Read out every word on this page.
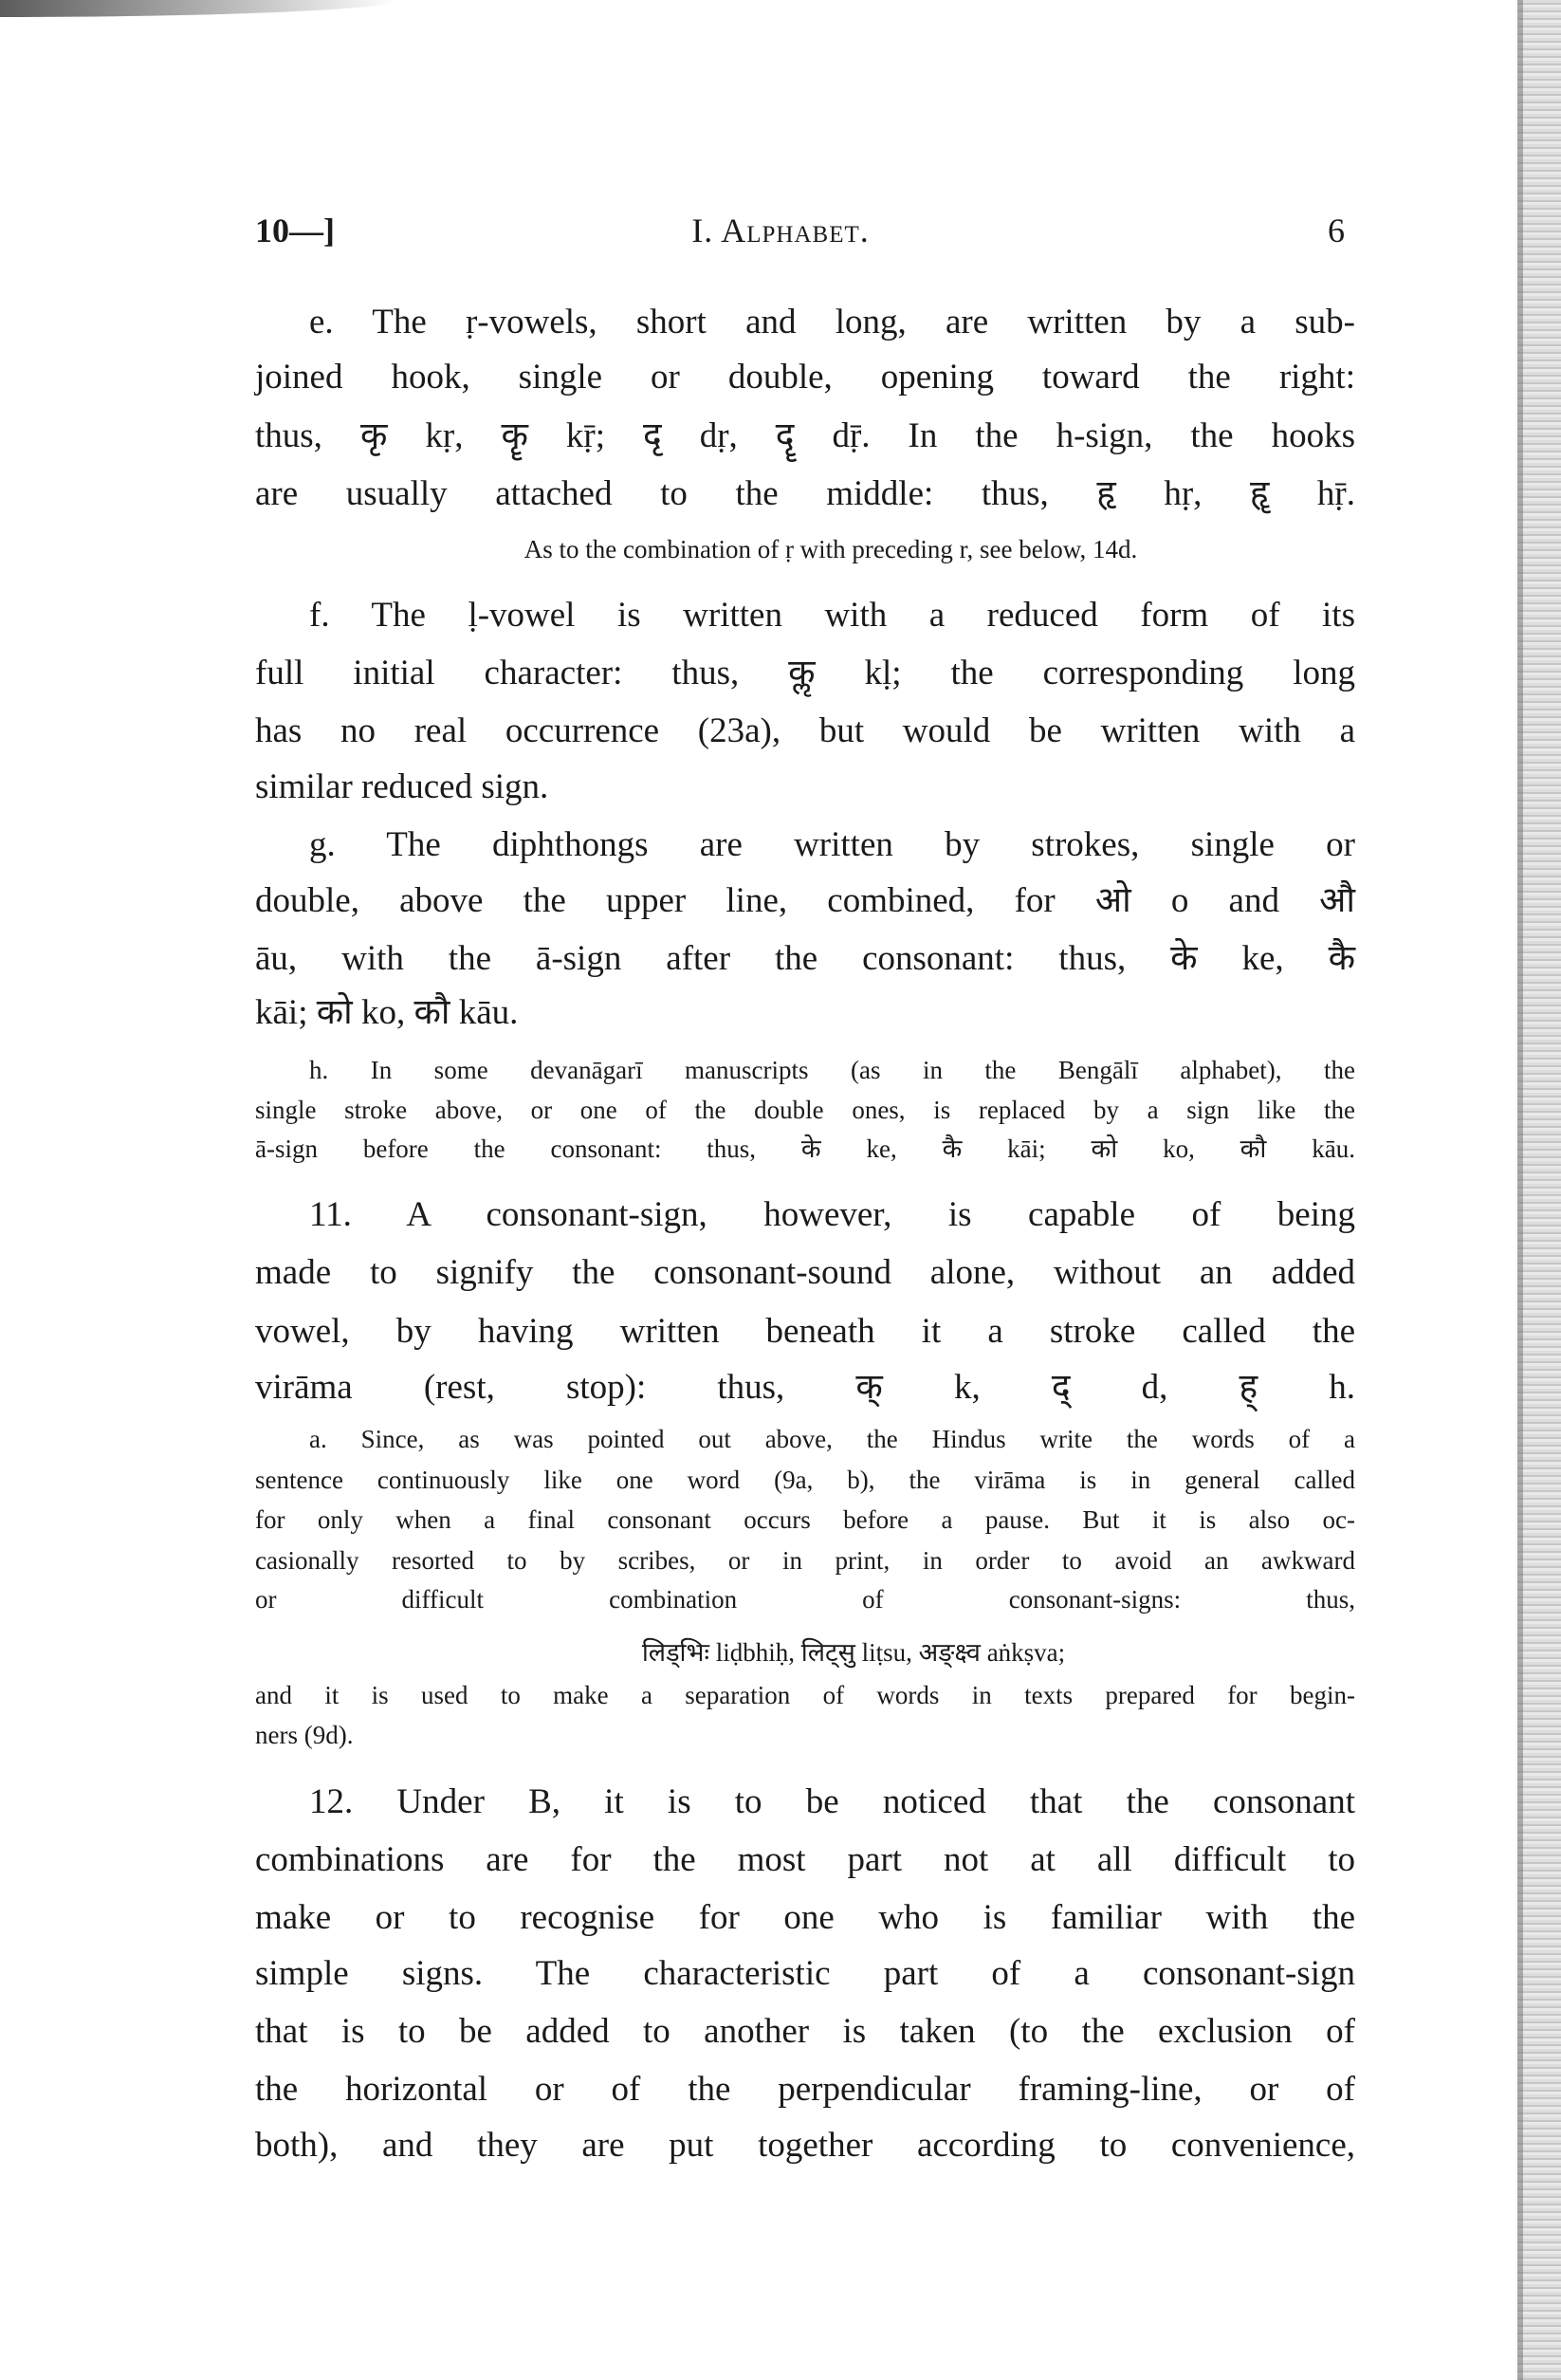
10—]	I. Alphabet.	6
e. The ṛ-vowels, short and long, are written by a sub-
joined hook, single or double, opening toward the right:
thus, कृ kṛ, कॄ kṝ; दृ dṛ, दॄ dṝ. In the h-sign, the hooks
are usually attached to the middle: thus, हृ hṛ, हॄ hṝ.
As to the combination of ṛ with preceding r, see below, 14d.
f. The ḷ-vowel is written with a reduced form of its
full initial character: thus, कॢ kḷ; the corresponding long
has no real occurrence (23a), but would be written with a
similar reduced sign.
g. The diphthongs are written by strokes, single or
double, above the upper line, combined, for ओ o and औ
āu, with the ā-sign after the consonant: thus, के ke, कै
kāi; को ko, कौ kāu.
h. In some devanāgarī manuscripts (as in the Bengālī alphabet), the
single stroke above, or one of the double ones, is replaced by a sign like the
ā-sign before the consonant: thus, के ke, कै kāi; को ko, कौ kāu.
11. A consonant-sign, however, is capable of being
made to signify the consonant-sound alone, without an added
vowel, by having written beneath it a stroke called the
virāma (rest, stop): thus, क् k, द् d, ह् h.
a. Since, as was pointed out above, the Hindus write the words of a
sentence continuously like one word (9a, b), the virāma is in general called
for only when a final consonant occurs before a pause. But it is also oc-
casionally resorted to by scribes, or in print, in order to avoid an awkward
or difficult combination of consonant-signs: thus,
लिड्भिः liḍbhiḥ, लिट्सु liṭsu, अङ्क्ष्व aṅkṣva;
and it is used to make a separation of words in texts prepared for begin-
ners (9d).
12. Under B, it is to be noticed that the consonant
combinations are for the most part not at all difficult to
make or to recognise for one who is familiar with the
simple signs. The characteristic part of a consonant-sign
that is to be added to another is taken (to the exclusion of
the horizontal or of the perpendicular framing-line, or of
both), and they are put together according to convenience,
